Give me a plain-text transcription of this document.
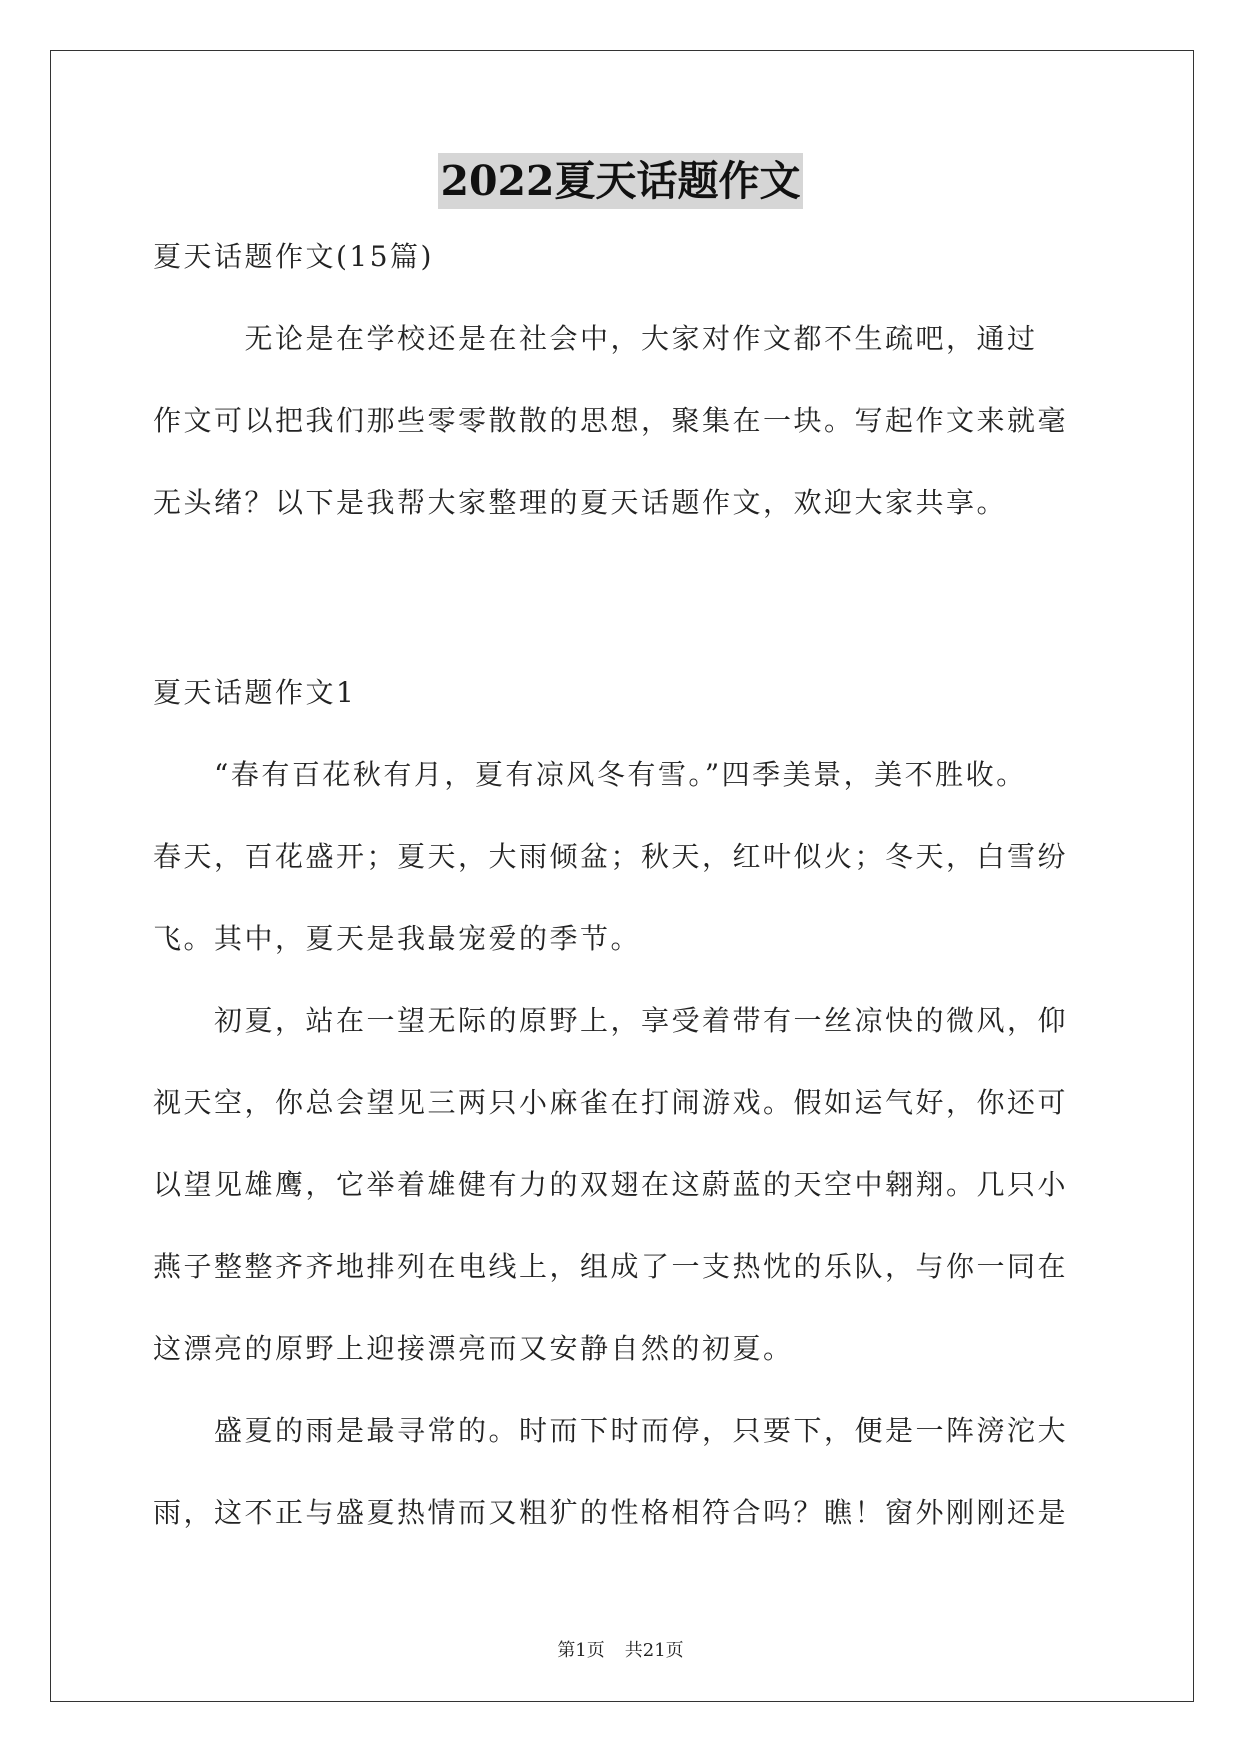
2022夏天话题作文
夏天话题作文(15篇)
　　　无论是在学校还是在社会中，大家对作文都不生疏吧，通过
作文可以把我们那些零零散散的思想，聚集在一块。写起作文来就毫
无头绪？以下是我帮大家整理的夏天话题作文，欢迎大家共享。
夏天话题作文1
　　“春有百花秋有月，夏有凉风冬有雪。”四季美景，美不胜收。
春天，百花盛开；夏天，大雨倾盆；秋天，红叶似火；冬天，白雪纷
飞。其中，夏天是我最宠爱的季节。
　　初夏，站在一望无际的原野上，享受着带有一丝凉快的微风，仰
视天空，你总会望见三两只小麻雀在打闹游戏。假如运气好，你还可
以望见雄鹰，它举着雄健有力的双翅在这蔚蓝的天空中翱翔。几只小
燕子整整齐齐地排列在电线上，组成了一支热忱的乐队，与你一同在
这漂亮的原野上迎接漂亮而又安静自然的初夏。
　　盛夏的雨是最寻常的。时而下时而停，只要下，便是一阵滂沱大
雨，这不正与盛夏热情而又粗犷的性格相符合吗？瞧！窗外刚刚还是
第1页 共21页
